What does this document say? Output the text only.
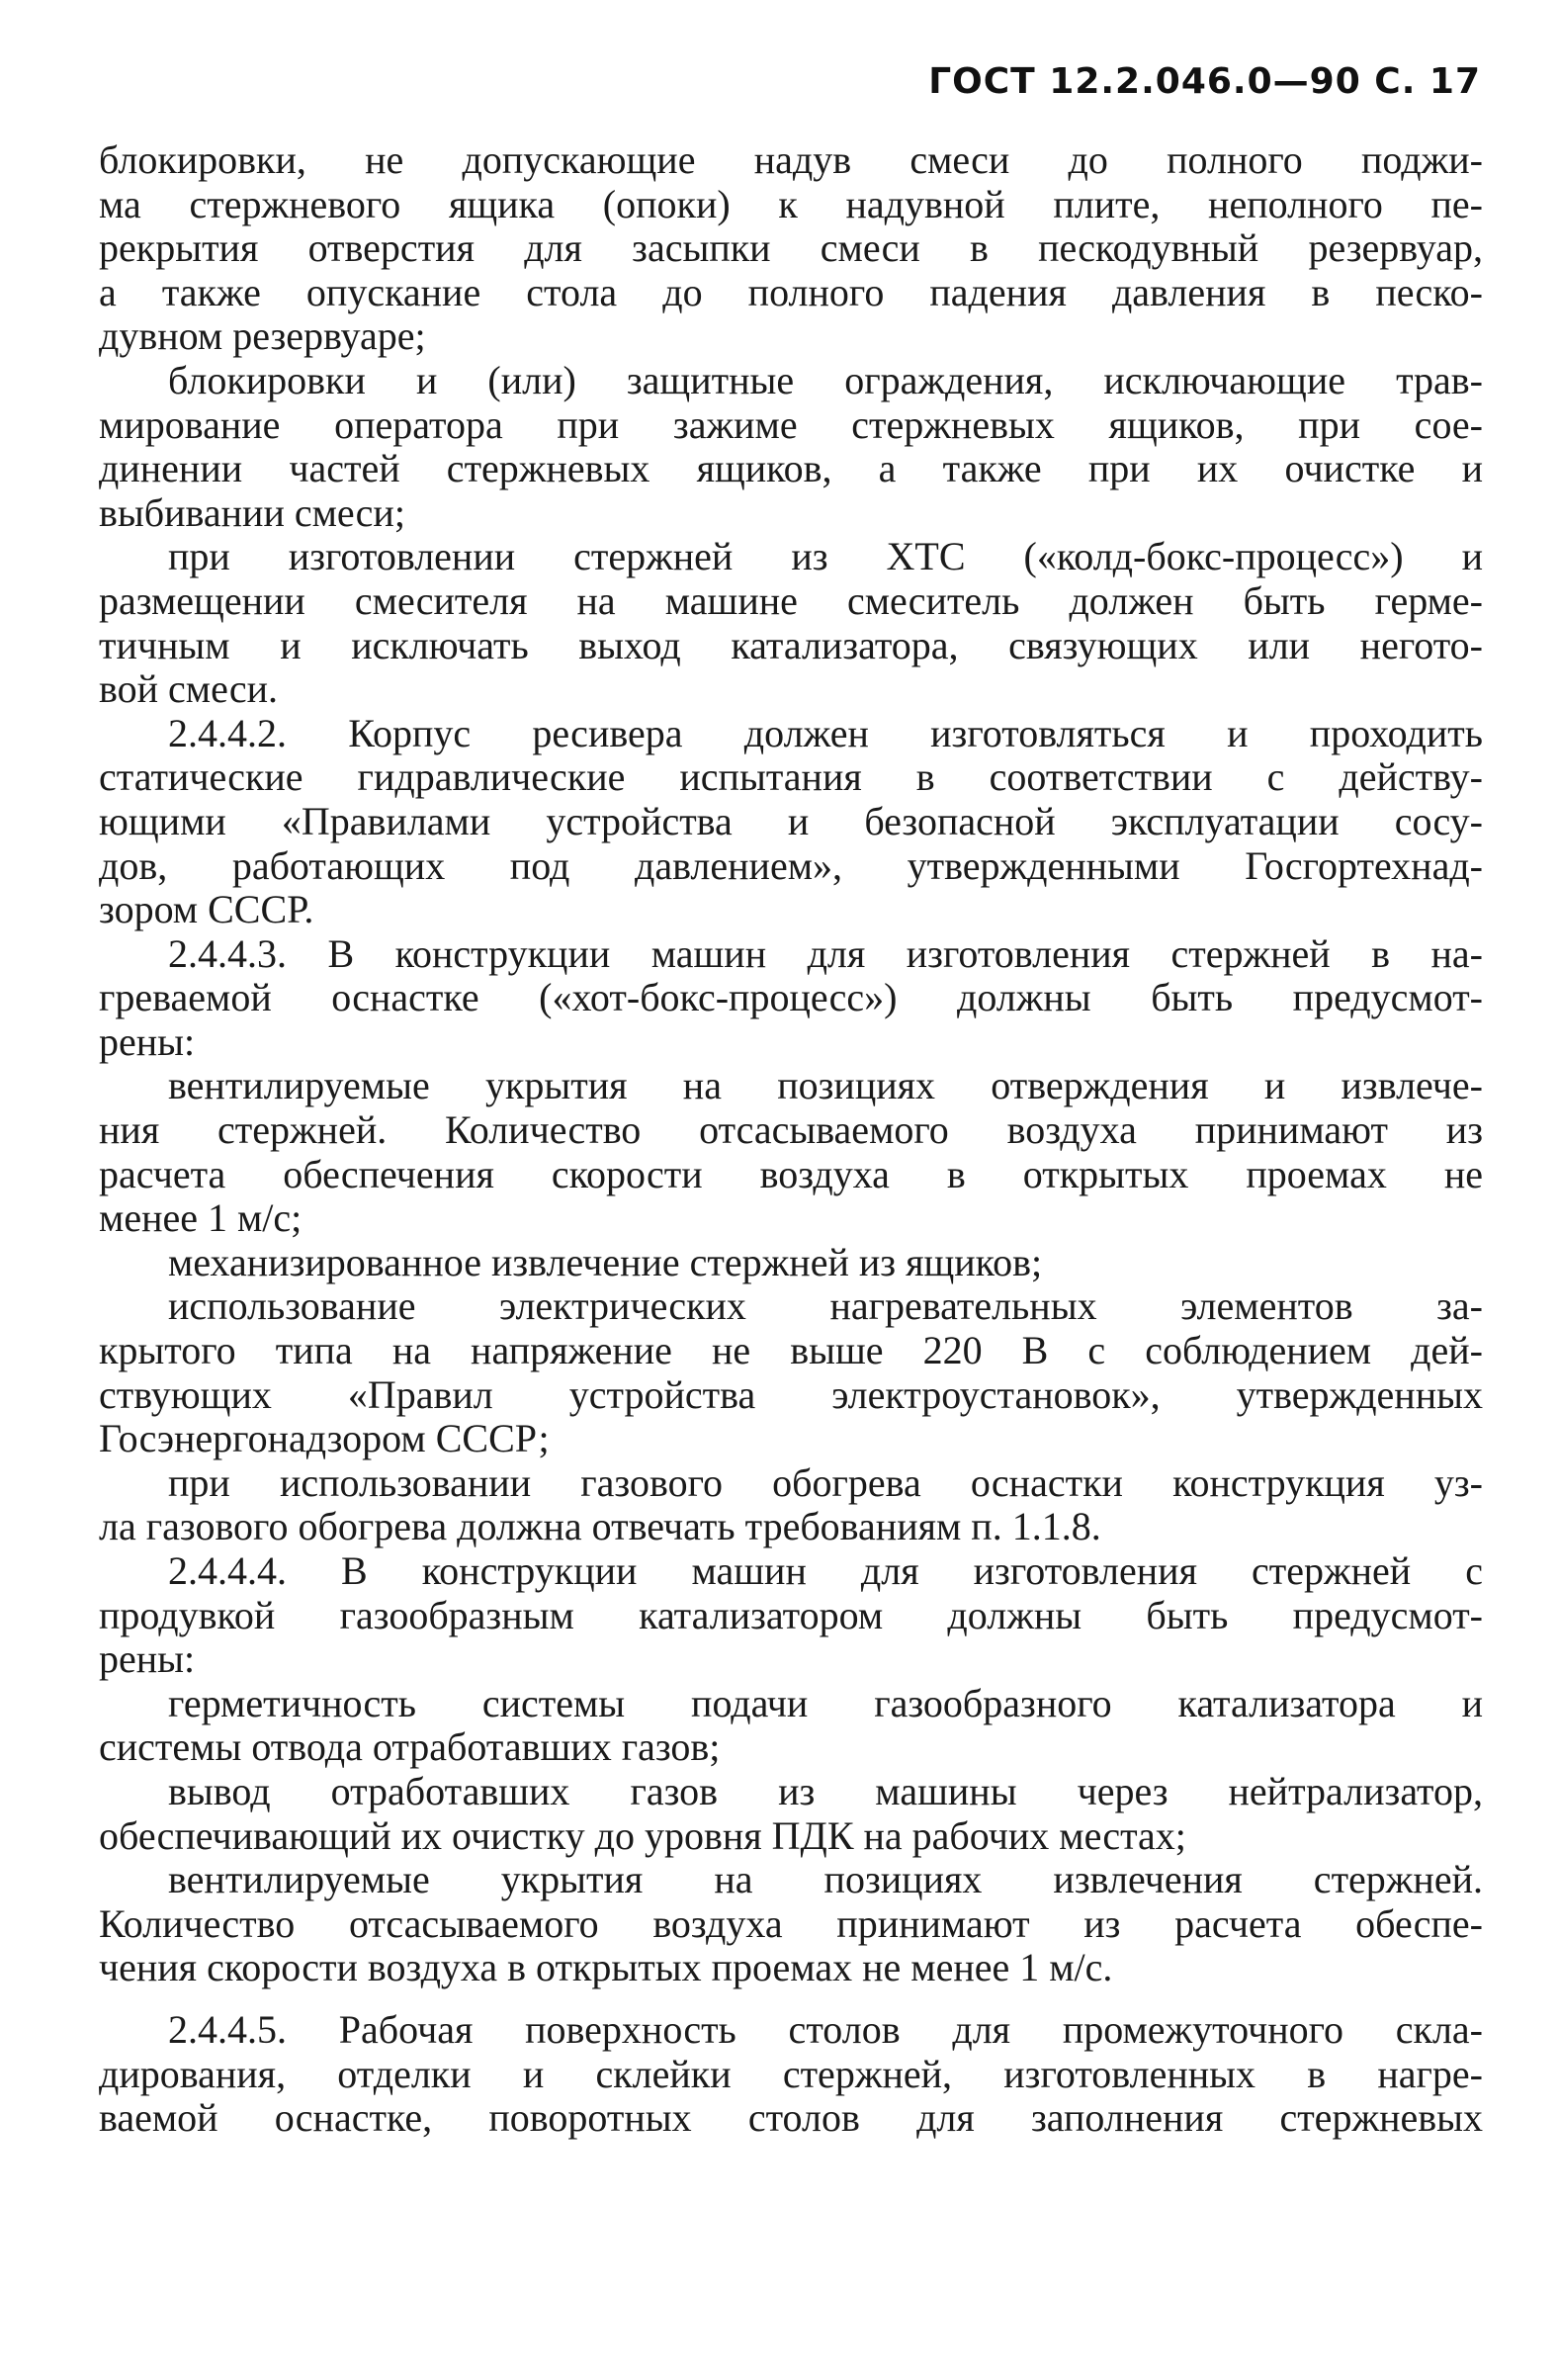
ГОСТ 12.2.046.0—90 С. 17
блокировки, не допускающие надув смеси до полного поджи-
ма стержневого ящика (опоки) к надувной плите, неполного пе-
рекрытия отверстия для засыпки смеси в пескодувный резервуар,
а также опускание стола до полного падения давления в песко-
дувном резервуаре;
блокировки и (или) защитные ограждения, исключающие трав-
мирование оператора при зажиме стержневых ящиков, при сое-
динении частей стержневых ящиков, а также при их очистке и
выбивании смеси;
при изготовлении стержней из ХТС («колд-бокс-процесс») и
размещении смесителя на машине смеситель должен быть герме-
тичным и исключать выход катализатора, связующих или негото-
вой смеси.
2.4.4.2. Корпус ресивера должен изготовляться и проходить
статические гидравлические испытания в соответствии с действу-
ющими «Правилами устройства и безопасной эксплуатации сосу-
дов, работающих под давлением», утвержденными Госгортехнад-
зором СССР.
2.4.4.3. В конструкции машин для изготовления стержней в на-
греваемой оснастке («хот-бокс-процесс») должны быть предусмот-
рены:
вентилируемые укрытия на позициях отверждения и извлече-
ния стержней. Количество отсасываемого воздуха принимают из
расчета обеспечения скорости воздуха в открытых проемах не
менее 1 м/с;
механизированное извлечение стержней из ящиков;
использование электрических нагревательных элементов за-
крытого типа на напряжение не выше 220 В с соблюдением дей-
ствующих «Правил устройства электроустановок», утвержденных
Госэнергонадзором СССР;
при использовании газового обогрева оснастки конструкция уз-
ла газового обогрева должна отвечать требованиям п. 1.1.8.
2.4.4.4. В конструкции машин для изготовления стержней с
продувкой газообразным катализатором должны быть предусмот-
рены:
герметичность системы подачи газообразного катализатора и
системы отвода отработавших газов;
вывод отработавших газов из машины через нейтрализатор,
обеспечивающий их очистку до уровня ПДК на рабочих местах;
вентилируемые укрытия на позициях извлечения стержней.
Количество отсасываемого воздуха принимают из расчета обеспе-
чения скорости воздуха в открытых проемах не менее 1 м/с.
2.4.4.5. Рабочая поверхность столов для промежуточного скла-
дирования, отделки и склейки стержней, изготовленных в нагре-
ваемой оснастке, поворотных столов для заполнения стержневых
